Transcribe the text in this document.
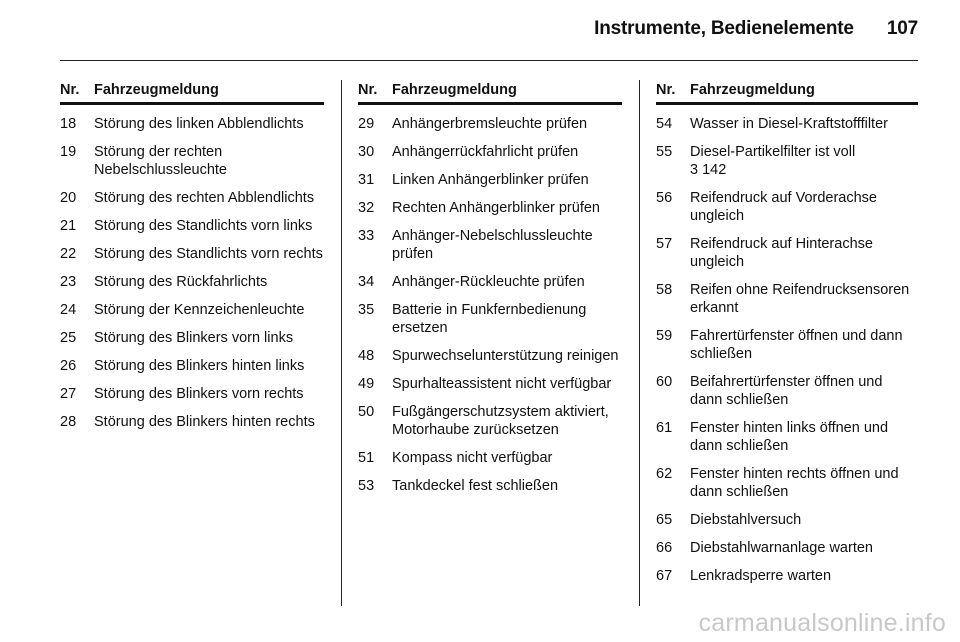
Instrumente, Bedienelemente 107
Nr.	Fahrzeugmeldung
18	Störung des linken Abblendlichts
19	Störung der rechten Nebelschlussleuchte
20	Störung des rechten Abblendlichts
21	Störung des Standlichts vorn links
22	Störung des Standlichts vorn rechts
23	Störung des Rückfahrlichts
24	Störung der Kennzeichenleuchte
25	Störung des Blinkers vorn links
26	Störung des Blinkers hinten links
27	Störung des Blinkers vorn rechts
28	Störung des Blinkers hinten rechts
Nr.	Fahrzeugmeldung
29	Anhängerbremsleuchte prüfen
30	Anhängerrückfahrlicht prüfen
31	Linken Anhängerblinker prüfen
32	Rechten Anhängerblinker prüfen
33	Anhänger-Nebelschlussleuchte prüfen
34	Anhänger-Rückleuchte prüfen
35	Batterie in Funkfernbedienung ersetzen
48	Spurwechselunterstützung reinigen
49	Spurhalteassistent nicht verfügbar
50	Fußgängerschutzsystem aktiviert, Motorhaube zurücksetzen
51	Kompass nicht verfügbar
53	Tankdeckel fest schließen
Nr.	Fahrzeugmeldung
54	Wasser in Diesel-Kraftstofffilter
55	Diesel-Partikelfilter ist voll
3 142
56	Reifendruck auf Vorderachse ungleich
57	Reifendruck auf Hinterachse ungleich
58	Reifen ohne Reifendrucksensoren erkannt
59	Fahrertürfenster öffnen und dann schließen
60	Beifahrertürfenster öffnen und dann schließen
61	Fenster hinten links öffnen und dann schließen
62	Fenster hinten rechts öffnen und dann schließen
65	Diebstahlversuch
66	Diebstahlwarnanlage warten
67	Lenkradsperre warten
carmanualsonline.info
